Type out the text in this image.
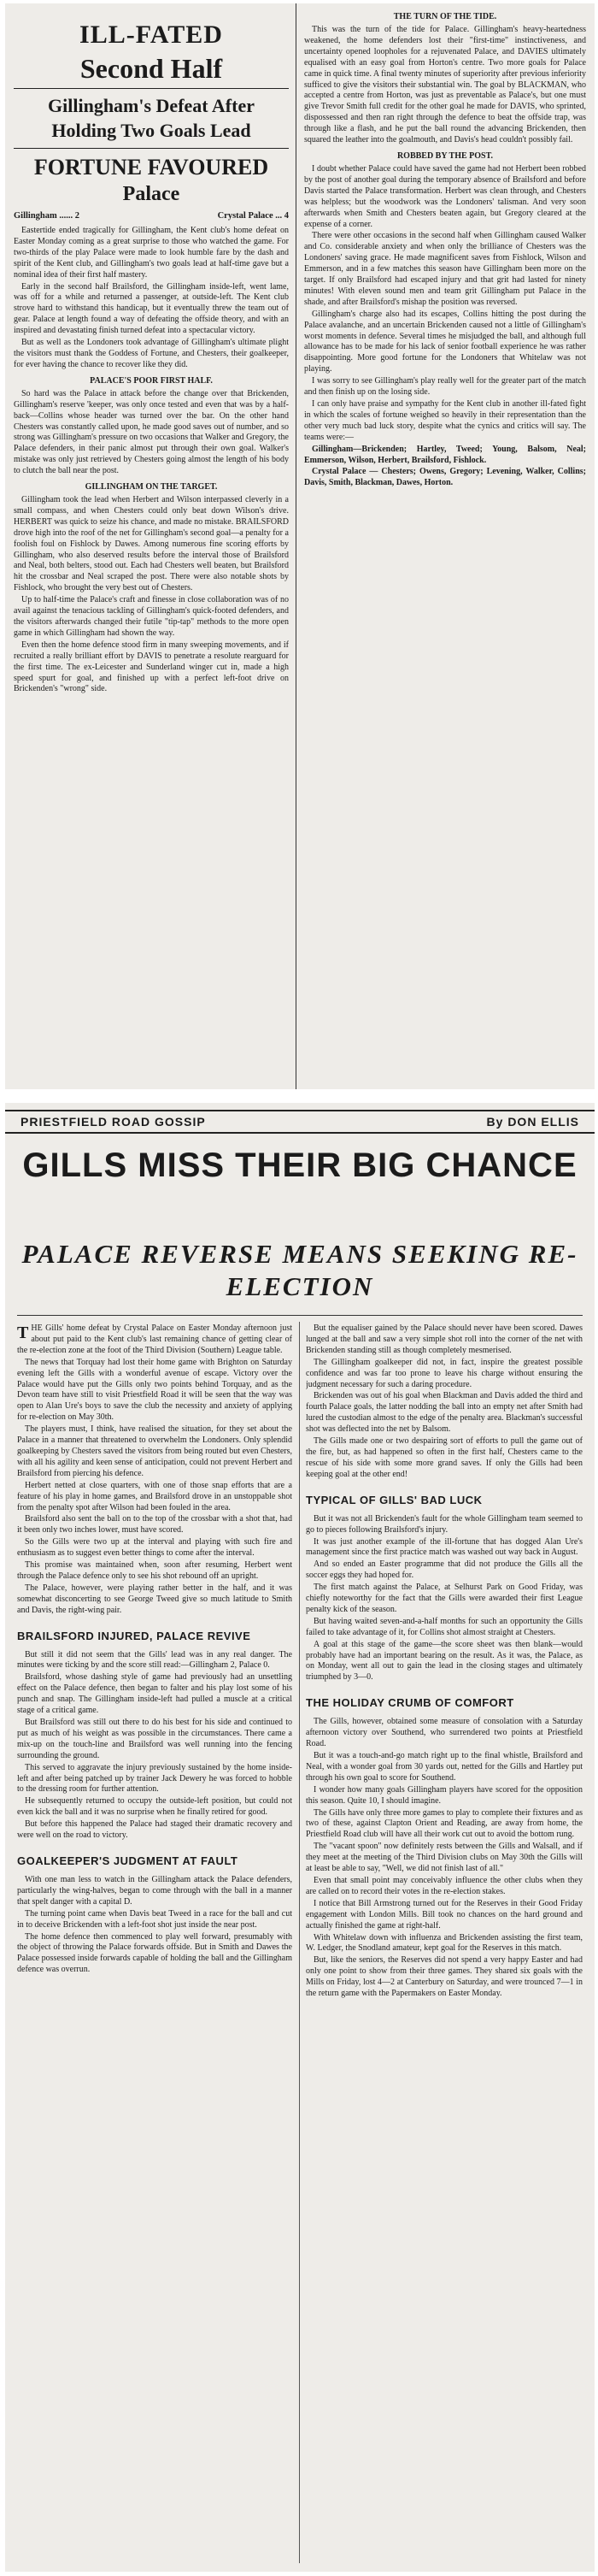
ILL-FATED
Second Half
Gillingham's Defeat After Holding Two Goals Lead
FORTUNE FAVOURED
Palace
Gillingham ...... 2	Crystal Palace ... 4

Eastertide ended tragically for Gillingham, the Kent club's home defeat on Easter Monday coming as a great surprise to those who watched the game. For two-thirds of the play Palace were made to look humble fare by the dash and spirit of the Kent club, and Gillingham's two goals lead at half-time gave but a nominal idea of their first half mastery.

Early in the second half Brailsford, the Gillingham inside-left, went lame, was off for a while and returned a passenger, at outside-left. The Kent club strove hard to withstand this handicap, but it eventually threw the team out of gear. Palace at length found a way of defeating the offside theory, and with an inspired and devastating finish turned defeat into a spectacular victory.

But as well as the Londoners took advantage of Gillingham's ultimate plight the visitors must thank the Goddess of Fortune, and Chesters, their goalkeeper, for ever having the chance to recover like they did.

PALACE'S POOR FIRST HALF.

So hard was the Palace in attack before the change over that Brickenden, Gillingham's reserve 'keeper, was only once tested and even that was by a half-back—Collins whose header was turned over the bar. On the other hand Chesters was constantly called upon, he made good saves out of number, and so strong was Gillingham's pressure on two occasions that Walker and Gregory, the Palace defenders, in their panic almost put through their own goal. Walker's mistake was only just retrieved by Chesters going almost the length of his body to clutch the ball near the post.

GILLINGHAM ON THE TARGET.

Gillingham took the lead when Herbert and Wilson interpassed cleverly in a small compass, and when Chesters could only beat down Wilson's drive. HERBERT was quick to seize his chance, and made no mistake. BRAILSFORD drove high into the roof of the net for Gillingham's second goal—a penalty for a foolish foul on Fishlock by Dawes. Among numerous fine scoring efforts by Gillingham, who also deserved results before the interval those of Brailsford and Neal, both belters, stood out. Each had Chesters well beaten, but Brailsford hit the crossbar and Neal scraped the post. There were also notable shots by Fishlock, who brought the very best out of Chesters.

Up to half-time the Palace's craft and finesse in close collaboration was of no avail against the tenacious tackling of Gillingham's quick-footed defenders, and the visitors afterwards changed their futile "tip-tap" methods to the more open game in which Gillingham had shown the way.

Even then the home defence stood firm in many sweeping movements, and if recruited a really brilliant effort by DAVIS to penetrate a resolute rearguard for the first time. The ex-Leicester and Sunderland winger cut in, made a high speed spurt for goal, and finished up with a perfect left-foot drive on Brickenden's "wrong" side.

THE TURN OF THE TIDE.

This was the turn of the tide for Palace. Gillingham's heavy-heartedness weakened, the home defenders lost their "first-time" instinctiveness, and uncertainty opened loopholes for a rejuvenated Palace, and DAVIES ultimately equalised with an easy goal from Horton's centre. Two more goals for Palace came in quick time. A final twenty minutes of superiority after previous inferiority sufficed to give the visitors their substantial win. The goal by BLACKMAN, who accepted a centre from Horton, was just as preventable as Palace's, but one must give Trevor Smith full credit for the other goal he made for DAVIS, who sprinted, dispossessed and then ran right through the defence to beat the offside trap, was through like a flash, and he put the ball round the advancing Brickenden, then squared the leather into the goalmouth, and Davis's head couldn't possibly fail.

ROBBED BY THE POST.

I doubt whether Palace could have saved the game had not Herbert been robbed by the post of another goal during the temporary absence of Brailsford and before Davis started the Palace transformation. Herbert was clean through, and Chesters was helpless; but the woodwork was the Londoners' talisman. And very soon afterwards when Smith and Chesters beaten again, but Gregory cleared at the expense of a corner.

There were other occasions in the second half when Gillingham caused Walker and Co. considerable anxiety and when only the brilliance of Chesters was the Londoners' saving grace. He made magnificent saves from Fishlock, Wilson and Emmerson, and in a few matches this season have Gillingham been more on the target. If only Brailsford had escaped injury and that grit had lasted for ninety minutes! With eleven sound men and team grit Gillingham put Palace in the shade, and after Brailsford's mishap the position was reversed.

Gillingham's charge also had its escapes, Collins hitting the post during the Palace avalanche, and an uncertain Brickenden caused not a little of Gillingham's worst moments in defence. Several times he misjudged the ball, and although full allowance has to be made for his lack of senior football experience he was rather disappointing. More good fortune for the Londoners that Whitelaw was not playing.

I was sorry to see Gillingham's play really well for the greater part of the match and then finish up on the losing side.

I can only have praise and sympathy for the Kent club in another ill-fated fight in which the scales of fortune weighed so heavily in their representation than the other very much bad luck story, despite what the cynics and critics will say. The teams were:—

Gillingham—Brickenden; Hartley, Tweed; Young, Balsom, Neal; Emmerson, Wilson, Herbert, Brailsford, Fishlock.

Crystal Palace — Chesters; Owens, Gregory; Levening, Walker, Collins; Davis, Smith, Blackman, Dawes, Horton.

PRIESTFIELD ROAD GOSSIP	By DON ELLIS
GILLS MISS THEIR BIG CHANCE
PALACE REVERSE MEANS SEEKING RE-ELECTION

THE Gills' home defeat by Crystal Palace on Easter Monday afternoon just about put paid to the Kent club's last remaining chance of getting clear of the re-election zone at the foot of the Third Division (Southern) League table.

The news that Torquay had lost their home game with Brighton on Saturday evening left the Gills with a wonderful avenue of escape. Victory over the Palace would have put the Gills only two points behind Torquay, and as the Devon team have still to visit Priestfield Road it will be seen that the way was open to Alan Ure's boys to save the club the necessity and anxiety of applying for re-election on May 30th.

The players must, I think, have realised the situation, for they set about the Palace in a manner that threatened to overwhelm the Londoners. Only splendid goalkeeping by Chesters saved the visitors from being routed but even Chesters, with all his agility and keen sense of anticipation, could not prevent Herbert and Brailsford from piercing his defence.

Herbert netted at close quarters, with one of those snap efforts that are a feature of his play in home games, and Brailsford drove in an unstoppable shot from the penalty spot after Wilson had been fouled in the area.

Brailsford also sent the ball on to the top of the crossbar with a shot that, had it been only two inches lower, must have scored.

So the Gills were two up at the interval and playing with such fire and enthusiasm as to suggest even better things to come after the interval.

This promise was maintained when, soon after resuming, Herbert went through the Palace defence only to see his shot rebound off an upright.

The Palace, however, were playing rather better in the half, and it was somewhat disconcerting to see George Tweed give so much latitude to Smith and Davis, the right-wing pair.

BRAILSFORD INJURED, PALACE REVIVE

But still it did not seem that the Gills' lead was in any real danger. The minutes were ticking by and the score still read:—Gillingham 2, Palace 0.

Brailsford, whose dashing style of game had previously had an unsettling effect on the Palace defence, then began to falter and his play lost some of his punch and snap. The Gillingham inside-left had pulled a muscle at a critical stage of a critical game.

But Brailsford was still out there to do his best for his side and continued to put as much of his weight as was possible in the circumstances. There came a mix-up on the touch-line and Brailsford was well running into the fencing surrounding the ground.

This served to aggravate the injury previously sustained by the home inside-left and after being patched up by trainer Jack Dewery he was forced to hobble to the dressing room for further attention.

He subsequently returned to occupy the outside-left position, but could not even kick the ball and it was no surprise when he finally retired for good.

But before this happened the Palace had staged their dramatic recovery and were well on the road to victory.

GOALKEEPER'S JUDGMENT AT FAULT

With one man less to watch in the Gillingham attack the Palace defenders, particularly the wing-halves, began to come through with the ball in a manner that spelt danger with a capital D.

The turning point came when Davis beat Tweed in a race for the ball and cut in to deceive Brickenden with a left-foot shot just inside the near post.

The home defence then commenced to play well forward, presumably with the object of throwing the Palace forwards offside. But in Smith and Dawes the Palace possessed inside forwards capable of holding the ball and the Gillingham defence was overrun.

But the equaliser gained by the Palace should never have been scored. Dawes lunged at the ball and saw a very simple shot roll into the corner of the net with Brickenden standing still as though completely mesmerised.

The Gillingham goalkeeper did not, in fact, inspire the greatest possible confidence and was far too prone to leave his charge without ensuring the judgment necessary for such a daring procedure.

Brickenden was out of his goal when Blackman and Davis added the third and fourth Palace goals, the latter nodding the ball into an empty net after Smith had lured the custodian almost to the edge of the penalty area. Blackman's successful shot was deflected into the net by Balsom.

The Gills made one or two despairing sort of efforts to pull the game out of the fire, but, as had happened so often in the first half, Chesters came to the rescue of his side with some more grand saves. If only the Gills had been keeping goal at the other end!

TYPICAL OF GILLS' BAD LUCK

But it was not all Brickenden's fault for the whole Gillingham team seemed to go to pieces following Brailsford's injury.

It was just another example of the ill-fortune that has dogged Alan Ure's management since the first practice match was washed out way back in August.

And so ended an Easter programme that did not produce the Gills all the soccer eggs they had hoped for.

The first match against the Palace, at Selhurst Park on Good Friday, was chiefly noteworthy for the fact that the Gills were awarded their first League penalty kick of the season.

But having waited seven-and-a-half months for such an opportunity the Gills failed to take advantage of it, for Collins shot almost straight at Chesters.

A goal at this stage of the game—the score sheet was then blank—would probably have had an important bearing on the result. As it was, the Palace, as on Monday, went all out to gain the lead in the closing stages and ultimately triumphed by 3—0.

THE HOLIDAY CRUMB OF COMFORT

The Gills, however, obtained some measure of consolation with a Saturday afternoon victory over Southend, who surrendered two points at Priestfield Road.

But it was a touch-and-go match right up to the final whistle, Brailsford and Neal, with a wonder goal from 30 yards out, netted for the Gills and Hartley put through his own goal to score for Southend.

I wonder how many goals Gillingham players have scored for the opposition this season. Quite 10, I should imagine.

The Gills have only three more games to play to complete their fixtures and as two of these, against Clapton Orient and Reading, are away from home, the Priestfield Road club will have all their work cut out to avoid the bottom rung.

The "vacant spoon" now definitely rests between the Gills and Walsall, and if they meet at the meeting of the Third Division clubs on May 30th the Gills will at least be able to say, "Well, we did not finish last of all."

Even that small point may conceivably influence the other clubs when they are called on to record their votes in the re-election stakes.

I notice that Bill Armstrong turned out for the Reserves in their Good Friday engagement with London Mills. Bill took no chances on the hard ground and actually finished the game at right-half.

With Whitelaw down with influenza and Brickenden assisting the first team, W. Ledger, the Snodland amateur, kept goal for the Reserves in this match.

But, like the seniors, the Reserves did not spend a very happy Easter and had only one point to show from their three games. They shared six goals with the Mills on Friday, lost 4—2 at Canterbury on Saturday, and were trounced 7—1 in the return game with the Papermakers on Easter Monday.
